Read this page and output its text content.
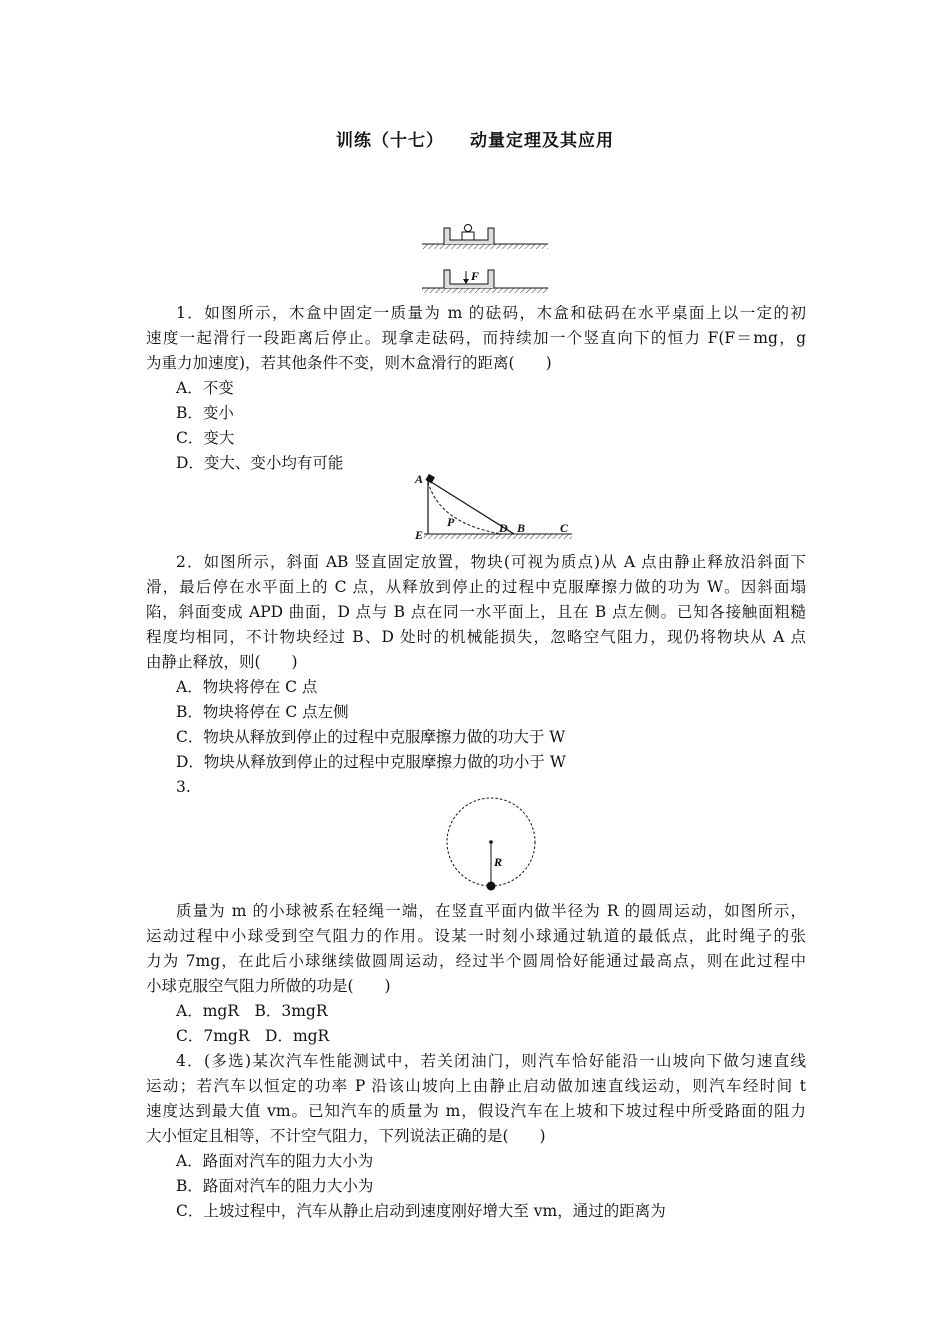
训练（十七） 动量定理及其应用
F
1．如图所示，木盒中固定一质量为 m 的砝码，木盒和砝码在水平桌面上以一定的初
速度一起滑行一段距离后停止。现拿走砝码，而持续加一个竖直向下的恒力 F(F＝mg，g
为重力加速度)，若其他条件不变，则木盒滑行的距离(　　)
A．不变
B．变小
C．变大
D．变大、变小均有可能
A
E
P	D B	C
2．如图所示，斜面 AB 竖直固定放置，物块(可视为质点)从 A 点由静止释放沿斜面下
滑，最后停在水平面上的 C 点，从释放到停止的过程中克服摩擦力做的功为 W。因斜面塌
陷，斜面变成 APD 曲面，D 点与 B 点在同一水平面上，且在 B 点左侧。已知各接触面粗糙
程度均相同，不计物块经过 B、D 处时的机械能损失，忽略空气阻力，现仍将物块从 A 点
由静止释放，则(　　)
A．物块将停在 C 点
B．物块将停在 C 点左侧
C．物块从释放到停止的过程中克服摩擦力做的功大于 W
D．物块从释放到停止的过程中克服摩擦力做的功小于 W
3.
R
质量为 m 的小球被系在轻绳一端，在竖直平面内做半径为 R 的圆周运动，如图所示，
运动过程中小球受到空气阻力的作用。设某一时刻小球通过轨道的最低点，此时绳子的张
力为 7mg，在此后小球继续做圆周运动，经过半个圆周恰好能通过最高点，则在此过程中
小球克服空气阻力所做的功是(　　)
A．mgR　B．3mgR
C．7mgR　D．mgR
4．(多选)某次汽车性能测试中，若关闭油门，则汽车恰好能沿一山坡向下做匀速直线
运动；若汽车以恒定的功率 P 沿该山坡向上由静止启动做加速直线运动，则汽车经时间 t
速度达到最大值 vm。已知汽车的质量为 m，假设汽车在上坡和下坡过程中所受路面的阻力
大小恒定且相等，不计空气阻力，下列说法正确的是(　　)
A．路面对汽车的阻力大小为
B．路面对汽车的阻力大小为
C．上坡过程中，汽车从静止启动到速度刚好增大至 vm，通过的距离为
